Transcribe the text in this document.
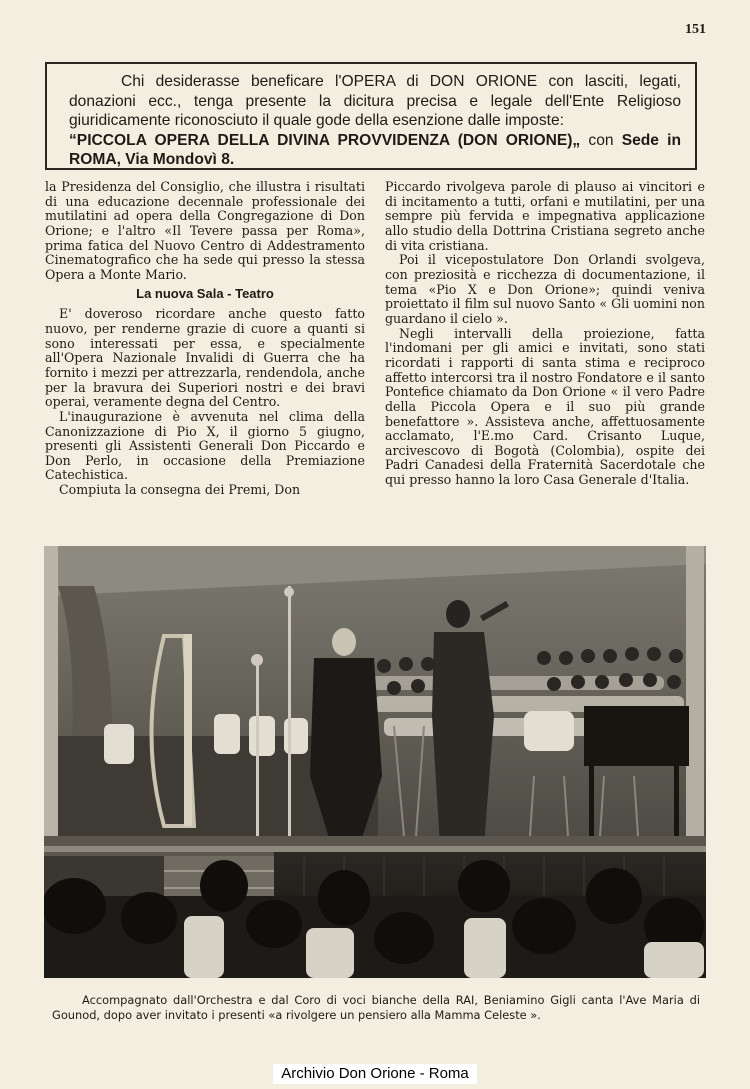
151
Chi desiderasse beneficare l'OPERA di DON ORIONE con lasciti, legati, donazioni ecc., tenga presente la dicitura precisa e legale dell'Ente Religioso giuridicamente riconosciuto il quale gode della esenzione dalle imposte:
“PICCOLA OPERA DELLA DIVINA PROVVIDENZA (DON ORIONE)„ con Sede in ROMA, Via Mondovì 8.

la Presidenza del Consiglio, che illustra i risultati di una educazione decennale professionale dei mutilatini ad opera della Congregazione di Don Orione; e l'altro «Il Tevere passa per Roma», prima fatica del Nuovo Centro di Addestramento Cinematografico che ha sede qui presso la stessa Opera a Monte Mario.

La nuova Sala - Teatro

E' doveroso ricordare anche questo fatto nuovo, per renderne grazie di cuore a quanti si sono interessati per essa, e specialmente all'Opera Nazionale Invalidi di Guerra che ha fornito i mezzi per attrezzarla, rendendola, anche per la bravura dei Superiori nostri e dei bravi operai, veramente degna del Centro.

L'inaugurazione è avvenuta nel clima della Canonizzazione di Pio X, il giorno 5 giugno, presenti gli Assistenti Generali Don Piccardo e Don Perlo, in occasione della Premiazione Catechistica.

Compiuta la consegna dei Premi, Don

Piccardo rivolgeva parole di plauso ai vincitori e di incitamento a tutti, orfani e mutilatini, per una sempre più fervida e impegnativa applicazione allo studio della Dottrina Cristiana segreto anche di vita cristiana.

Poi il vicepostulatore Don Orlandi svolgeva, con preziosità e ricchezza di documentazione, il tema «Pio X e Don Orione»; quindi veniva proiettato il film sul nuovo Santo « Gli uomini non guardano il cielo ».

Negli intervalli della proiezione, fatta l'indomani per gli amici e invitati, sono stati ricordati i rapporti di santa stima e reciproco affetto intercorsi tra il nostro Fondatore e il santo Pontefice chiamato da Don Orione « il vero Padre della Piccola Opera e il suo più grande benefattore ». Assisteva anche, affettuosamente acclamato, l'E.mo Card. Crisanto Luque, arcivescovo di Bogotà (Colombia), ospite dei Padri Canadesi della Fraternità Sacerdotale che qui presso hanno la loro Casa Generale d'Italia.

Accompagnato dall'Orchestra e dal Coro di voci bianche della RAI, Beniamino Gigli canta l'Ave Maria di Gounod, dopo aver invitato i presenti «a rivolgere un pensiero alla Mamma Celeste ».
Archivio Don Orione - Roma
